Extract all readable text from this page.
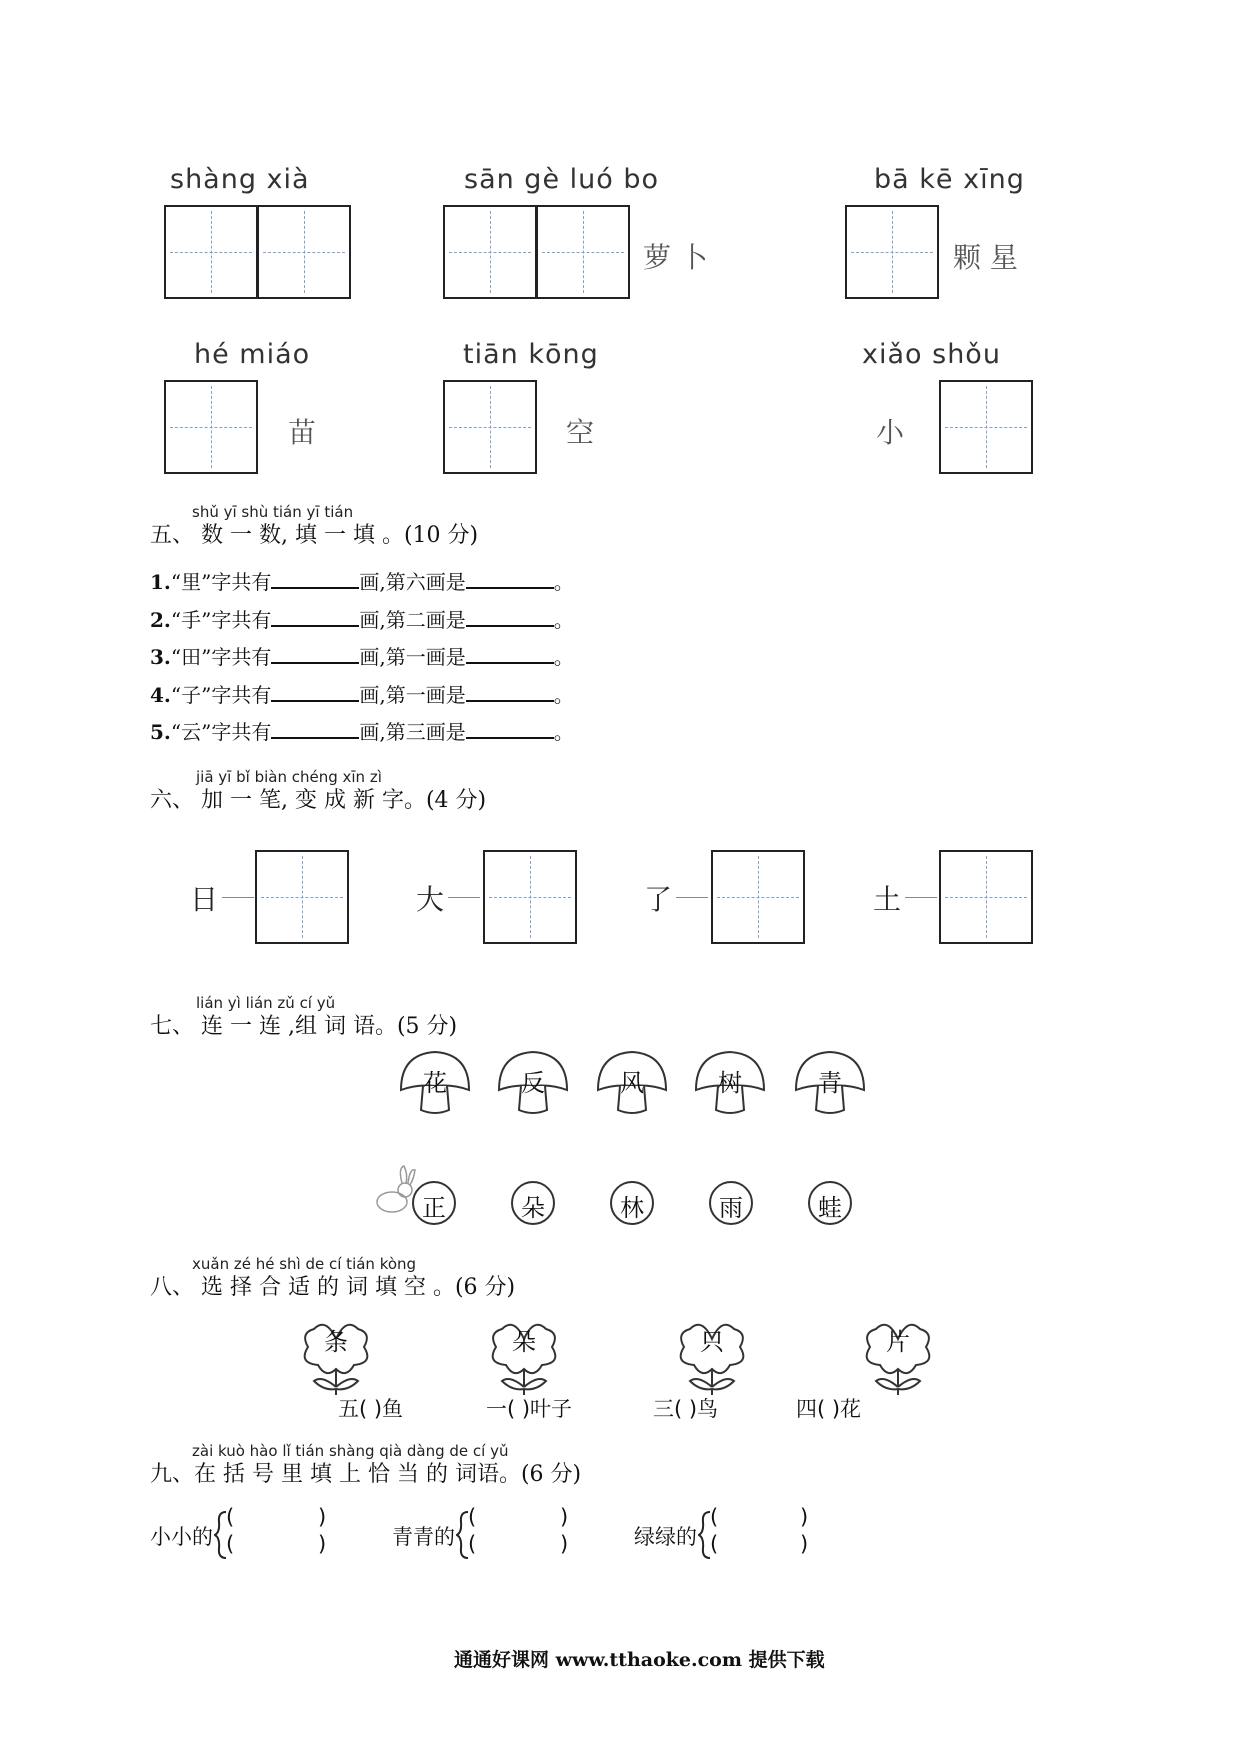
shàng xià	sān gè luó bo
萝 卜
bā kē xīng
颗 星
hé miáo
苗
tiān kōng
空
xiǎo shǒu
小
shǔ yī shù tián yī tián
五、 数 一 数, 填 一 填 。(10 分)
1.“里”字共有	画,第六画是	。
2.“手”字共有	画,第二画是	。
3.“田”字共有	画,第一画是	。
4.“子”字共有	画,第一画是	。
5.“云”字共有	画,第三画是	。
jiā yī bǐ biàn chéng xīn zì
六、 加 一 笔, 变 成 新 字。(4 分)
日	大	了	土
lián yì lián zǔ cí yǔ
七、 连 一 连 ,组 词 语。(5 分)
花	反	风	树	青
正	朵	林	雨	蛙
xuǎn zé hé shì de cí tián kòng
八、 选 择 合 适 的 词 填 空 。(6 分)
条	朵	只	片
五( )鱼	一( )叶子	三( )鸟	四( )花
zài kuò hào lǐ tián shàng qià dàng de cí yǔ
九、在 括 号 里 填 上 恰 当 的 词语。(6 分)
小小的
(	)
(	)	青青的
(	)
(	)	绿绿的
(	)
(	)
通通好课网 www.tthaoke.com 提供下载
